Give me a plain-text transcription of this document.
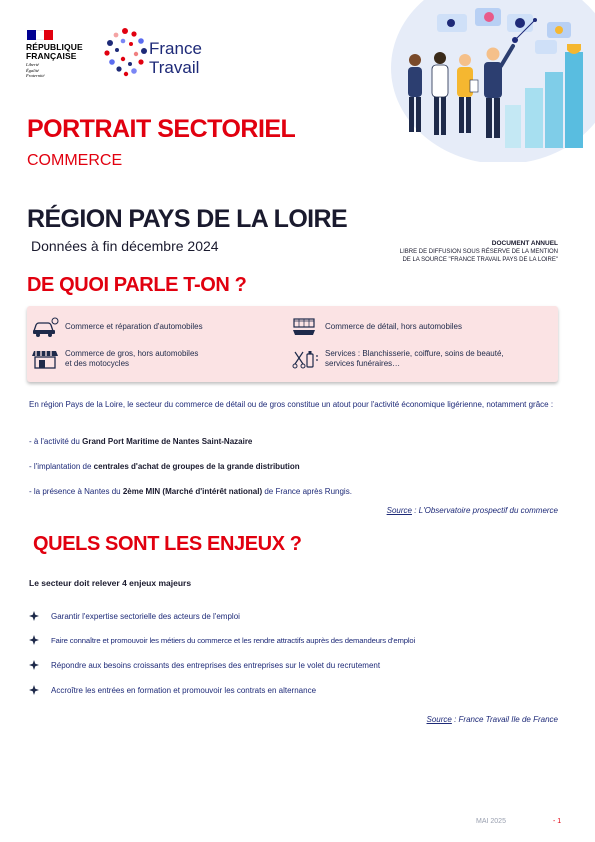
RÉPUBLIQUE
FRANÇAISE
Liberté
Égalité
Fraternité
France
Travail
PORTRAIT SECTORIEL
COMMERCE
RÉGION PAYS DE LA LOIRE
Données à fin décembre 2024	DOCUMENT ANNUEL
LIBRE DE DIFFUSION SOUS RÉSERVE DE LA MENTION
DE LA SOURCE "FRANCE TRAVAIL PAYS DE LA LOIRE"
DE QUOI PARLE T-ON ?
Commerce et réparation d'automobiles	Commerce de détail, hors automobiles
Commerce de gros, hors automobiles
et des motocycles
Services : Blanchisserie, coiffure, soins de beauté,
services funéraires…
En région Pays de la Loire, le secteur du commerce de détail ou de gros constitue un atout pour l'activité économique ligérienne, notamment grâce :
- à l'activité du Grand Port Maritime de Nantes Saint-Nazaire
- l'implantation de centrales d'achat de groupes de la grande distribution
- la présence à Nantes du 2ème MIN (Marché d'intérêt national) de France après Rungis.
Source : L'Observatoire prospectif du commerce
QUELS SONT LES ENJEUX ?
Le secteur doit relever 4 enjeux majeurs
Garantir l'expertise sectorielle des acteurs de l'emploi
Faire connaître et promouvoir les métiers du commerce et les rendre attractifs auprès des demandeurs d'emploi
Répondre aux besoins croissants des entreprises des entreprises sur le volet du recrutement
Accroître les entrées en formation et promouvoir les contrats en alternance
Source : France Travail Ile de France
MAI 2025	- 1
